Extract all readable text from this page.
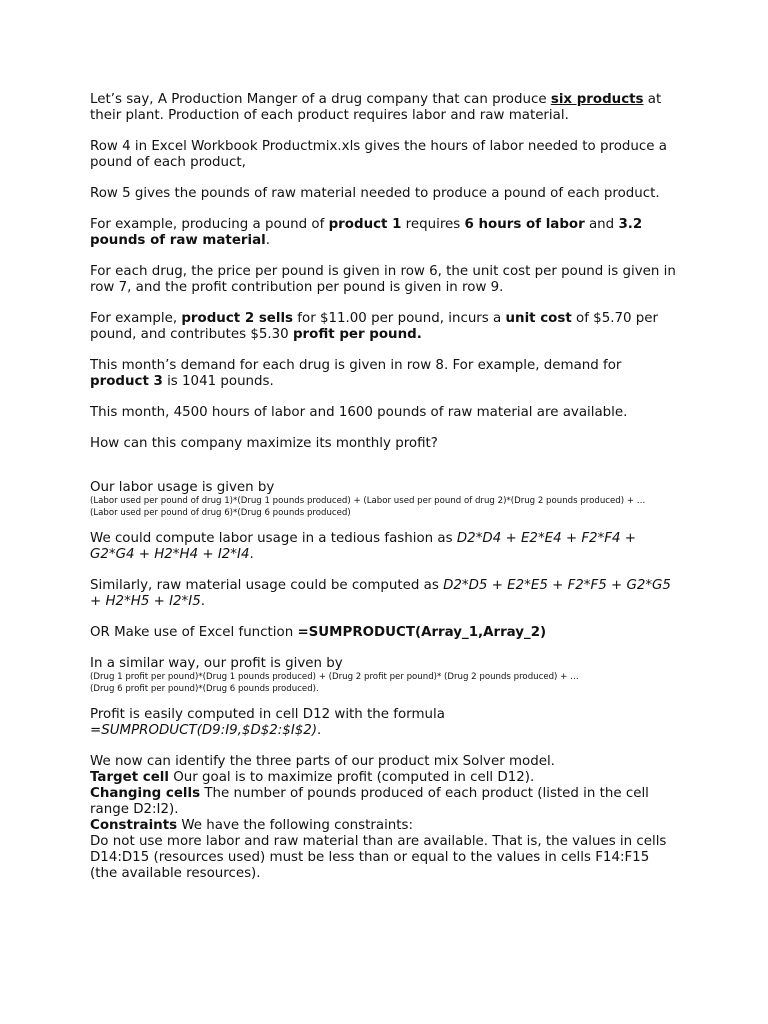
Let’s say, A Production Manger of a drug company that can produce six products at their plant. Production of each product requires labor and raw material.

Row 4 in Excel Workbook Productmix.xls gives the hours of labor needed to produce a pound of each product,

Row 5 gives the pounds of raw material needed to produce a pound of each product.

For example, producing a pound of product 1 requires 6 hours of labor and 3.2 pounds of raw material.

For each drug, the price per pound is given in row 6, the unit cost per pound is given in row 7, and the profit contribution per pound is given in row 9.

For example, product 2 sells for $11.00 per pound, incurs a unit cost of $5.70 per pound, and contributes $5.30 profit per pound.

This month’s demand for each drug is given in row 8. For example, demand for product 3 is 1041 pounds.

This month, 4500 hours of labor and 1600 pounds of raw material are available.

How can this company maximize its monthly profit?

Our labor usage is given by

(Labor used per pound of drug 1)*(Drug 1 pounds produced) + (Labor used per pound of drug 2)*(Drug 2 pounds produced) + …

(Labor used per pound of drug 6)*(Drug 6 pounds produced)

We could compute labor usage in a tedious fashion as D2*D4 + E2*E4 + F2*F4 + G2*G4 + H2*H4 + I2*I4.

Similarly, raw material usage could be computed as D2*D5 + E2*E5 + F2*F5 + G2*G5 + H2*H5 + I2*I5.

OR Make use of Excel function =SUMPRODUCT(Array_1,Array_2)

In a similar way, our profit is given by

(Drug 1 profit per pound)*(Drug 1 pounds produced) + (Drug 2 profit per pound)* (Drug 2 pounds produced) + …

(Drug 6 profit per pound)*(Drug 6 pounds produced).

Profit is easily computed in cell D12 with the formula =SUMPRODUCT(D9:I9,$D$2:$I$2).

We now can identify the three parts of our product mix Solver model.
Target cell Our goal is to maximize profit (computed in cell D12).
Changing cells The number of pounds produced of each product (listed in the cell range D2:I2).
Constraints We have the following constraints:
Do not use more labor and raw material than are available. That is, the values in cells D14:D15 (resources used) must be less than or equal to the values in cells F14:F15 (the available resources).
